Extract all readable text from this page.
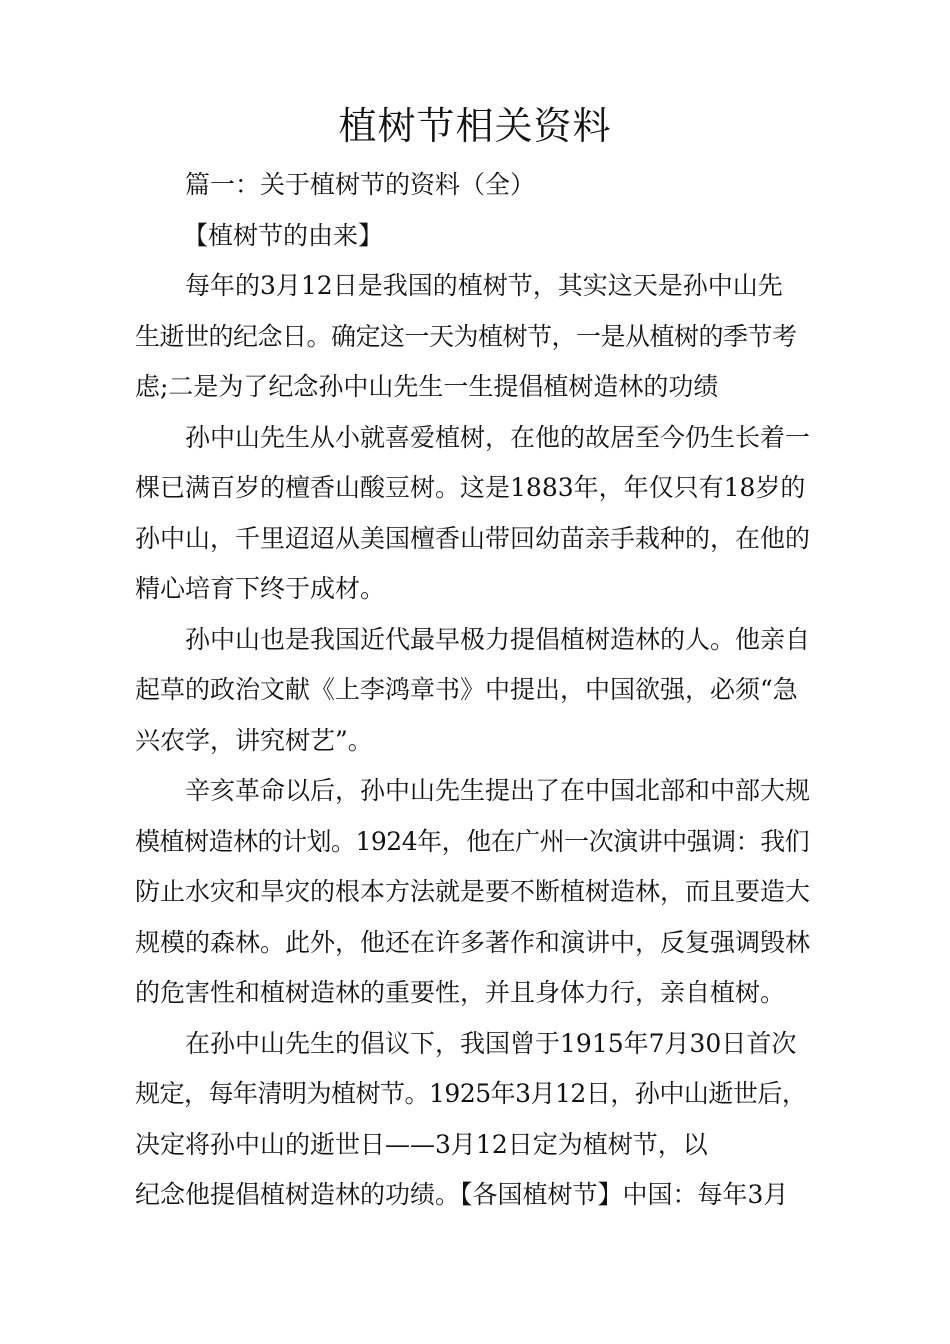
植树节相关资料
篇一：关于植树节的资料（全）
【植树节的由来】
每年的3月12日是我国的植树节，其实这天是孙中山先
生逝世的纪念日。确定这一天为植树节，一是从植树的季节考
虑;二是为了纪念孙中山先生一生提倡植树造林的功绩
孙中山先生从小就喜爱植树，在他的故居至今仍生长着一
棵已满百岁的檀香山酸豆树。这是1883年，年仅只有18岁的
孙中山，千里迢迢从美国檀香山带回幼苗亲手栽种的，在他的
精心培育下终于成材。
孙中山也是我国近代最早极力提倡植树造林的人。他亲自
起草的政治文献《上李鸿章书》中提出，中国欲强，必须“急
兴农学，讲究树艺”。
辛亥革命以后，孙中山先生提出了在中国北部和中部大规
模植树造林的计划。1924年，他在广州一次演讲中强调：我们
防止水灾和旱灾的根本方法就是要不断植树造林，而且要造大
规模的森林。此外，他还在许多著作和演讲中，反复强调毁林
的危害性和植树造林的重要性，并且身体力行，亲自植树。
在孙中山先生的倡议下，我国曾于1915年7月30日首次
规定，每年清明为植树节。1925年3月12日，孙中山逝世后，
决定将孙中山的逝世日——3月12日定为植树节，以
纪念他提倡植树造林的功绩。【各国植树节】中国：每年3月
